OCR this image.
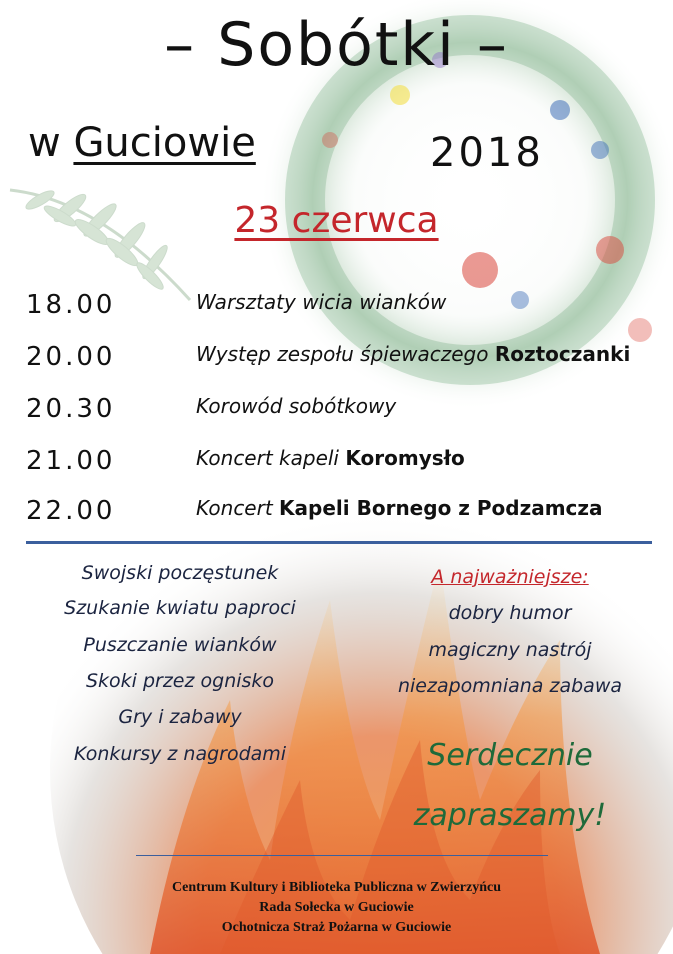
– Sobótki –
w Guciowie	2018
23 czerwca
18.00	Warsztaty wicia wianków
20.00	Występ zespołu śpiewaczego Roztoczanki
20.30	Korowód sobótkowy
21.00	Koncert kapeli Koromysło
22.00	Koncert Kapeli Bornego z Podzamcza
Swojski poczęstunek
Szukanie kwiatu paproci
Puszczanie wianków
Skoki przez ognisko
Gry i zabawy
Konkursy z nagrodami
A najważniejsze:
dobry humor
magiczny nastrój
niezapomniana zabawa
Serdecznie
zapraszamy!
Centrum Kultury i Biblioteka Publiczna w Zwierzyńcu
Rada Sołecka w Guciowie
Ochotnicza Straż Pożarna w Guciowie
